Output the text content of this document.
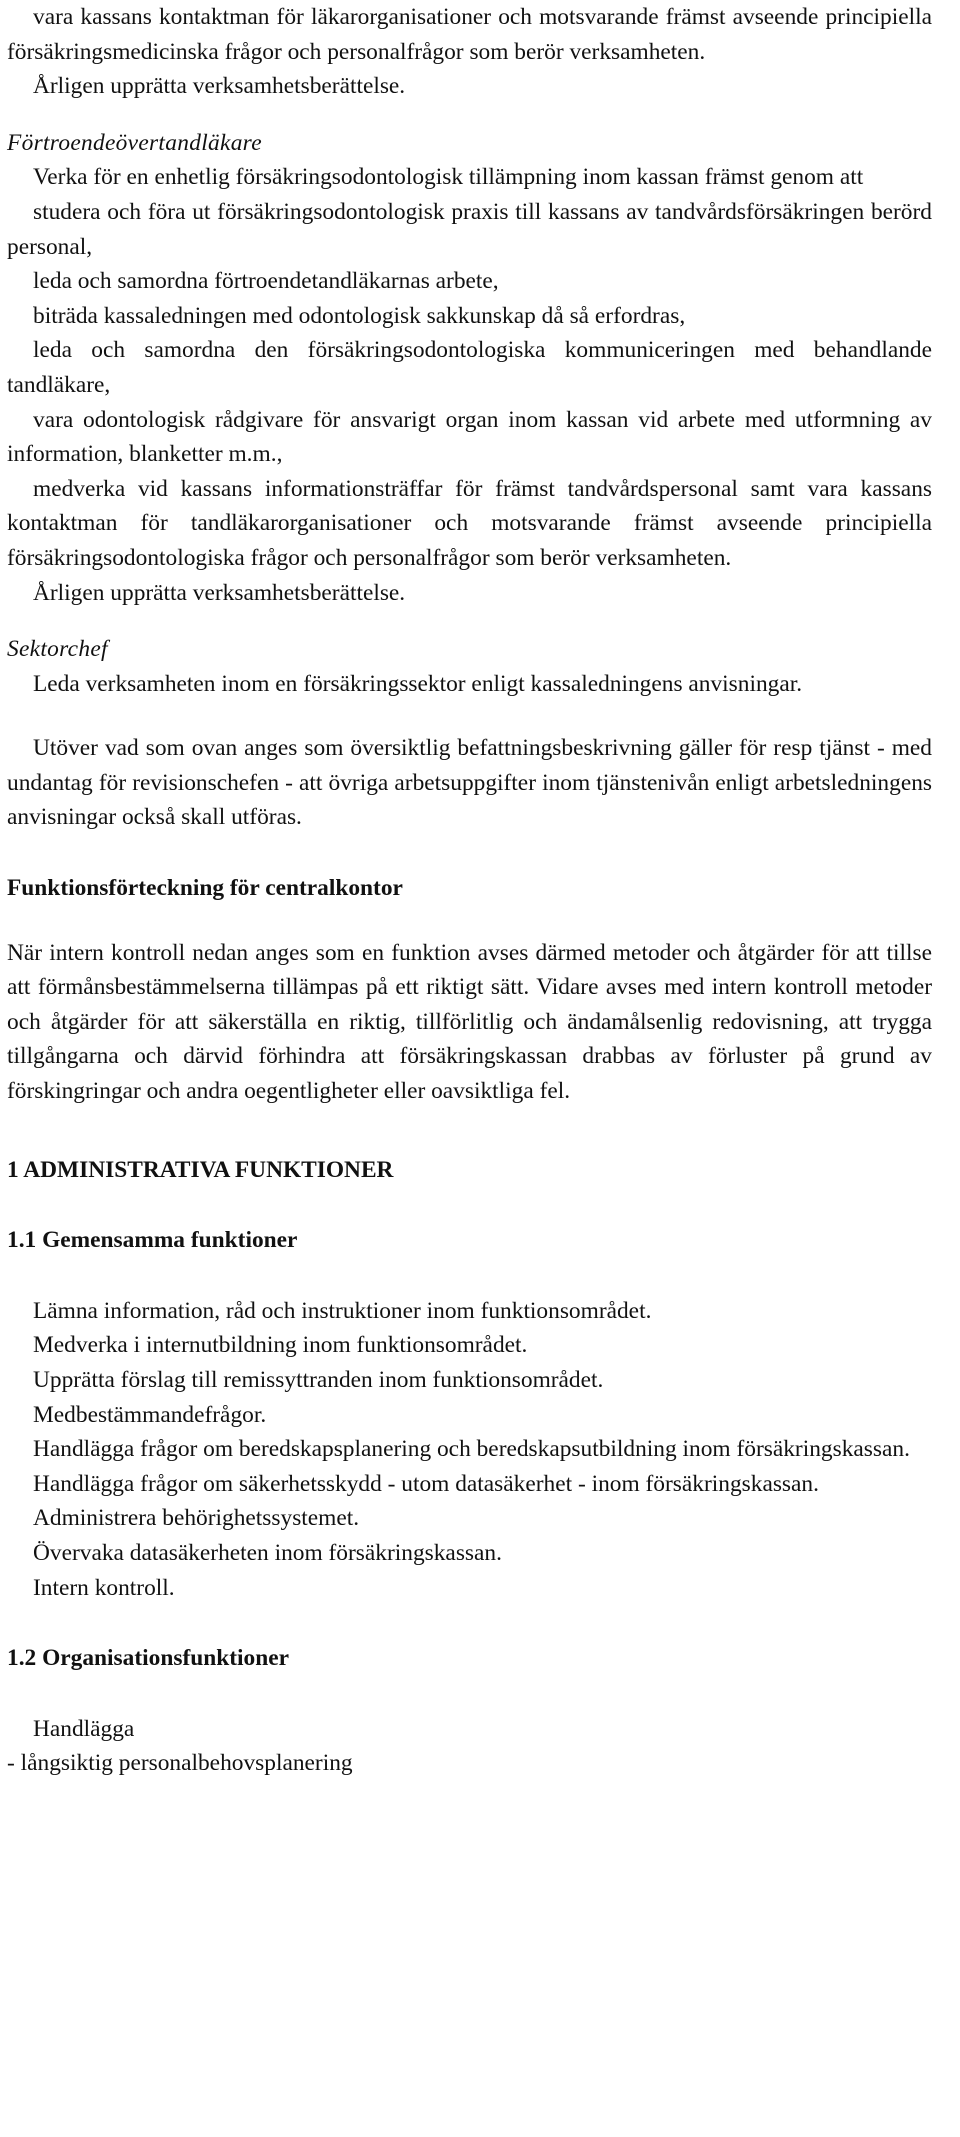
vara kassans kontaktman för läkarorganisationer och motsvarande främst avseende principiella försäkringsmedicinska frågor och personalfrågor som berör verksamheten.

Årligen upprätta verksamhetsberättelse.

Förtroendeövertandläkare

Verka för en enhetlig försäkringsodontologisk tillämpning inom kassan främst genom att

studera och föra ut försäkringsodontologisk praxis till kassans av tandvårdsförsäkringen berörd personal,

leda och samordna förtroendetandläkarnas arbete,

biträda kassaledningen med odontologisk sakkunskap då så erfordras,

leda och samordna den försäkringsodontologiska kommuniceringen med behandlande tandläkare,

vara odontologisk rådgivare för ansvarigt organ inom kassan vid arbete med utformning av information, blanketter m.m.,

medverka vid kassans informationsträffar för främst tandvårdspersonal samt vara kassans kontaktman för tandläkarorganisationer och motsvarande främst avseende principiella försäkringsodontologiska frågor och personalfrågor som berör verksamheten.

Årligen upprätta verksamhetsberättelse.

Sektorchef

Leda verksamheten inom en försäkringssektor enligt kassaledningens anvisningar.

Utöver vad som ovan anges som översiktlig befattningsbeskrivning gäller för resp tjänst - med undantag för revisionschefen - att övriga arbetsuppgifter inom tjänstenivån enligt arbetsledningens anvisningar också skall utföras.

Funktionsförteckning för centralkontor

När intern kontroll nedan anges som en funktion avses därmed metoder och åtgärder för att tillse att förmånsbestämmelserna tillämpas på ett riktigt sätt. Vidare avses med intern kontroll metoder och åtgärder för att säkerställa en riktig, tillförlitlig och ändamålsenlig redovisning, att trygga tillgångarna och därvid förhindra att försäkringskassan drabbas av förluster på grund av förskingringar och andra oegentligheter eller oavsiktliga fel.

1 ADMINISTRATIVA FUNKTIONER

1.1 Gemensamma funktioner

Lämna information, råd och instruktioner inom funktionsområdet.

Medverka i internutbildning inom funktionsområdet.

Upprätta förslag till remissyttranden inom funktionsområdet.

Medbestämmandefrågor.

Handlägga frågor om beredskapsplanering och beredskapsutbildning inom försäkringskassan.

Handlägga frågor om säkerhetsskydd - utom datasäkerhet - inom försäkringskassan.

Administrera behörighetssystemet.

Övervaka datasäkerheten inom försäkringskassan.

Intern kontroll.

1.2 Organisationsfunktioner

Handlägga

- långsiktig personalbehovsplanering
